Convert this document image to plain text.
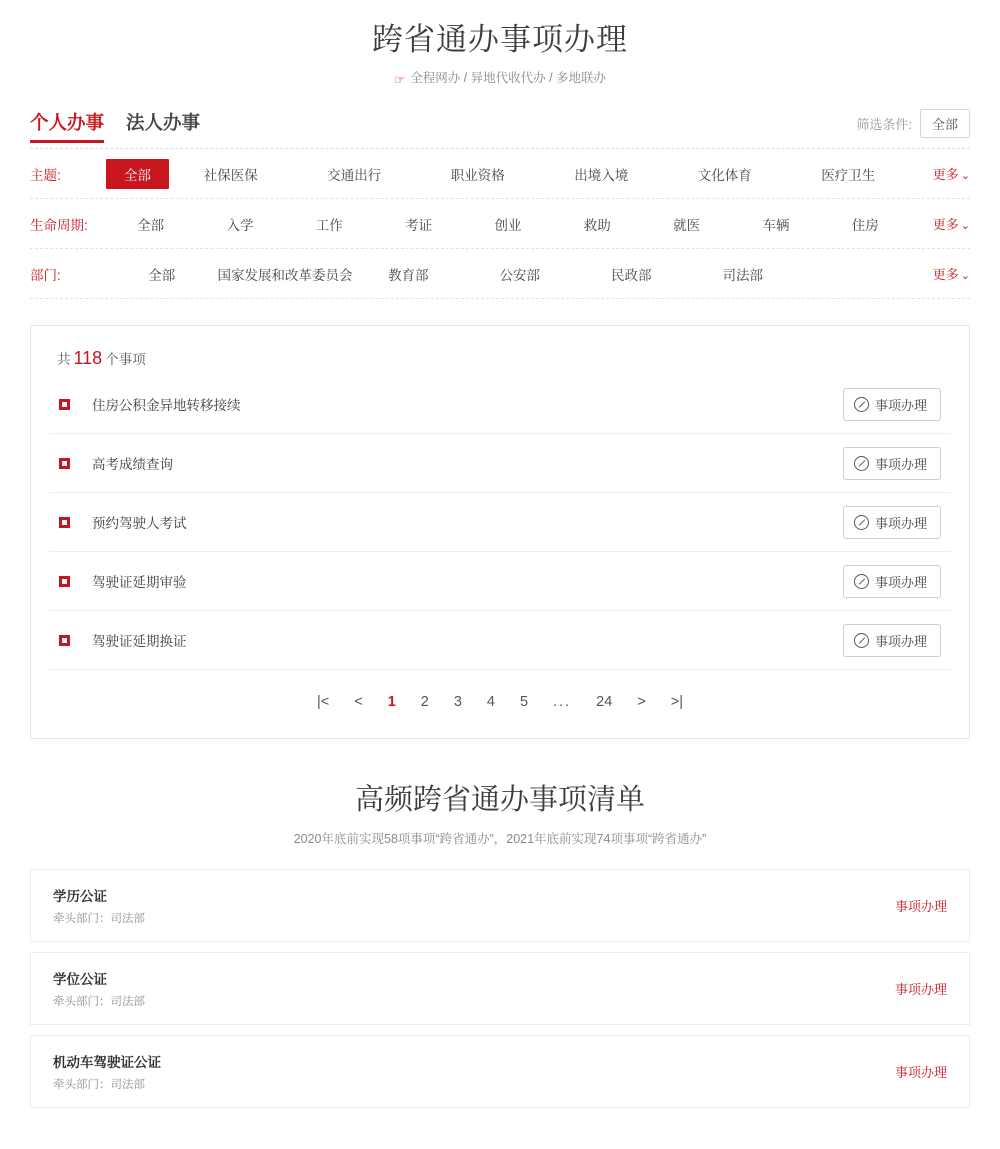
跨省通办事项办理
☞ 全程网办 / 异地代收代办 / 多地联办
个人办事 法人办事	筛选条件:	全部
主题:	全部	社保医保	交通出行	职业资格	出境入境	文化体育	医疗卫生	更多 ⌄
生命周期:	全部	入学	工作	考证	创业	救助	就医	车辆	住房	更多 ⌄
部门:	全部	国家发展和改革委员会	教育部	公安部	民政部	司法部	更多 ⌄
共 118 个事项
住房公积金异地转移接续	事项办理
高考成绩查询	事项办理
预约驾驶人考试	事项办理
驾驶证延期审验	事项办理
驾驶证延期换证	事项办理
|<	<	1	2	3	4	5	...	24	>	>|
高频跨省通办事项清单
2020年底前实现58项事项“跨省通办”，2021年底前实现74项事项“跨省通办”
学历公证
牵头部门：司法部
事项办理
学位公证
牵头部门：司法部
事项办理
机动车驾驶证公证
牵头部门：司法部
事项办理
